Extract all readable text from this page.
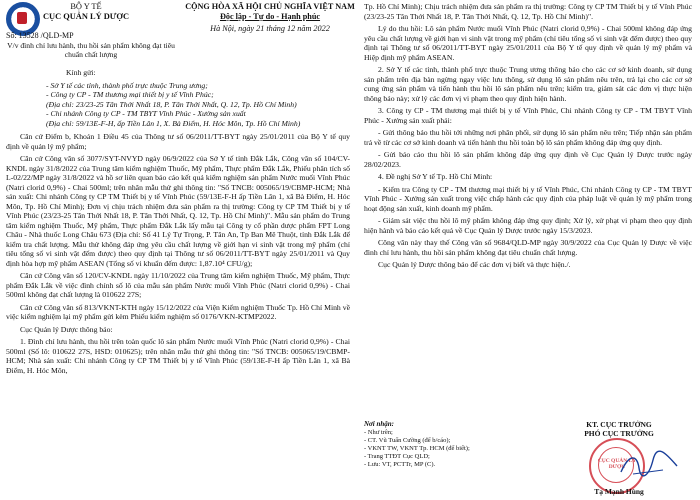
BỘ Y TẾ
CỤC QUẢN LÝ DƯỢC
Số: 13528 /QLD-MP
V/v đình chỉ lưu hành, thu hồi sản phẩm không đạt tiêu chuẩn chất lượng
CỘNG HÒA XÃ HỘI CHỦ NGHĨA VIỆT NAM
Độc lập - Tự do - Hạnh phúc
Hà Nội, ngày 21 tháng 12 năm 2022

Kính gửi:

- Sở Y tế các tỉnh, thành phố trực thuộc Trung ương;
- Công ty CP - TM thương mại thiết bị y tế Vĩnh Phúc;
(Địa chỉ: 23/23-25 Tân Thới Nhất 18, P. Tân Thới Nhất, Q. 12, Tp. Hồ Chí Minh)
- Chi nhánh Công ty CP - TM TBYT Vĩnh Phúc - Xưởng sản xuất
(Địa chỉ: 59/13E-F-H, ấp Tiền Lân 1, X. Bà Điểm, H. Hóc Môn, Tp. Hồ Chí Minh)

Căn cứ Điểm b, Khoản 1 Điều 45 của Thông tư số 06/2011/TT-BYT ngày 25/01/2011 của Bộ Y tế quy định về quản lý mỹ phẩm;

Căn cứ Công văn số 3077/SYT-NVYD ngày 06/9/2022 của Sở Y tế tỉnh Đắk Lắk, Công văn số 104/CV-KNDL ngày 31/8/2022 của Trung tâm kiểm nghiệm Thuốc, Mỹ phẩm, Thực phẩm Đắk Lắk, Phiếu phân tích số L-02/22/MP ngày 31/8/2022 và hồ sơ liên quan báo cáo kết quả kiểm nghiệm sản phẩm Nước muối Vĩnh Phúc (Natri clorid 0,9%) - Chai 500ml; trên nhãn mẫu thử ghi thông tin: "Số TNCB: 005065/19/CBMP-HCM; Nhà sản xuất: Chi nhánh Công ty CP TM Thiết bị y tế Vĩnh Phúc (59/13E-F-H ấp Tiền Lân 1, xã Bà Điểm, H. Hóc Môn, Tp. Hồ Chí Minh); Đơn vị chịu trách nhiệm đưa sản phẩm ra thị trường: Công ty CP TM Thiết bị y tế Vĩnh Phúc (23/23-25 Tân Thới Nhất 18, P. Tân Thới Nhất, Q. 12, Tp. Hồ Chí Minh)". Mẫu sản phẩm do Trung tâm kiểm nghiệm Thuốc, Mỹ phẩm, Thực phẩm Đắk Lắk lấy mẫu tại Công ty cổ phần dược phẩm FPT Long Châu - Nhà thuốc Long Châu 673 (Địa chỉ: Số 41 Lý Tự Trọng, P. Tân An, Tp Ban Mê Thuột, tỉnh Đắk Lắk để kiểm tra chất lượng. Mẫu thử không đáp ứng yêu cầu chất lượng về giới hạn vi sinh vật trong mỹ phẩm (chỉ tiêu tổng số vi sinh vật đếm được) theo quy định tại Thông tư số 06/2011/TT-BYT ngày 25/01/2011 và Quy định hòa hợp mỹ phẩm ASEAN (Tổng số vi khuẩn đếm được: 1,87.10⁴ CFU/g);

Căn cứ Công văn số 120/CV-KNDL ngày 11/10/2022 của Trung tâm kiểm nghiệm Thuốc, Mỹ phẩm, Thực phẩm Đắk Lắk về việc đình chỉnh số lô của mẫu sản phẩm Nước muối Vĩnh Phúc (Natri clorid 0,9%) - Chai 500ml không đạt chất lượng là 010622 27S;

Căn cứ Công văn số 813/VKNT-KTH ngày 15/12/2022 của Viện Kiểm nghiệm Thuốc Tp. Hồ Chí Minh về việc kiểm nghiệm lại mỹ phẩm gửi kèm Phiếu kiểm nghiệm số 0176/VKN-KTMP2022.

Cục Quản lý Dược thông báo:

1. Đình chỉ lưu hành, thu hồi trên toàn quốc lô sản phẩm Nước muối Vĩnh Phúc (Natri clorid 0,9%) - Chai 500ml (Số lô: 010622 27S, HSD: 010625); trên nhãn mẫu thử ghi thông tin: "Số TNCB: 005065/19/CBMP-HCM; Nhà sản xuất: Chi nhánh Công ty CP TM Thiết bị y tế Vĩnh Phúc (59/13E-F-H ấp Tiền Lân 1, xã Bà Điểm, H. Hóc Môn,

Tp. Hồ Chí Minh); Chịu trách nhiệm đưa sản phẩm ra thị trường: Công ty CP TM Thiết bị y tế Vĩnh Phúc (23/23-25 Tân Thới Nhất 18, P. Tân Thới Nhất, Q. 12, Tp. Hồ Chí Minh)".

Lý do thu hồi: Lô sản phẩm Nước muối Vĩnh Phúc (Natri clorid 0,9%) - Chai 500ml không đáp ứng yêu cầu chất lượng về giới hạn vi sinh vật trong mỹ phẩm (chỉ tiêu tổng số vi sinh vật đếm được) theo quy định tại Thông tư số 06/2011/TT-BYT ngày 25/01/2011 của Bộ Y tế quy định về quản lý mỹ phẩm và Hiệp định mỹ phẩm ASEAN.

2. Sở Y tế các tỉnh, thành phố trực thuộc Trung ương thông báo cho các cơ sở kinh doanh, sử dụng sản phẩm trên địa bàn ngừng ngay việc lưu thông, sử dụng lô sản phẩm nêu trên, trả lại cho các cơ sở cung ứng sản phẩm và tiến hành thu hồi lô sản phẩm nêu trên; kiểm tra, giám sát các đơn vị thực hiện thông báo này; xử lý các đơn vị vi phạm theo quy định hiện hành.

3. Công ty CP - TM thương mại thiết bị y tế Vĩnh Phúc, Chi nhánh Công ty CP - TM TBYT Vĩnh Phúc - Xưởng sản xuất phải:

- Gửi thông báo thu hồi tới những nơi phân phối, sử dụng lô sản phẩm nêu trên; Tiếp nhận sản phẩm trả về từ các cơ sở kinh doanh và tiến hành thu hồi toàn bộ lô sản phẩm không đáp ứng quy định.

- Gửi báo cáo thu hồi lô sản phẩm không đáp ứng quy định về Cục Quản lý Dược trước ngày 28/02/2023.

4. Đề nghị Sở Y tế Tp. Hồ Chí Minh:

- Kiểm tra Công ty CP - TM thương mại thiết bị y tế Vĩnh Phúc, Chi nhánh Công ty CP - TM TBYT Vĩnh Phúc - Xưởng sản xuất trong việc chấp hành các quy định của pháp luật về quản lý mỹ phẩm trong hoạt động sản xuất, kinh doanh mỹ phẩm.

- Giám sát việc thu hồi lô mỹ phẩm không đáp ứng quy định; Xử lý, xử phạt vi phạm theo quy định hiện hành và báo cáo kết quả về Cục Quản lý Dược trước ngày 15/3/2023.

Công văn này thay thế Công văn số 9684/QLD-MP ngày 30/9/2022 của Cục Quản lý Dược về việc đình chỉ lưu hành, thu hồi sản phẩm không đạt tiêu chuẩn chất lượng.

Cục Quản lý Dược thông báo để các đơn vị biết và thực hiện./.

Nơi nhận:
- Như trên;
- CT. Vũ Tuấn Cường (để b/cáo);
- VKNT TW, VKNT Tp. HCM (để biết);
- Trang TTĐT Cục QLD;
- Lưu: VT, PCTTr, MP (C).
KT. CỤC TRƯỞNG
PHÓ CỤC TRƯỞNG
CỤC QUẢN LÝ DƯỢC
Tạ Mạnh Hùng
